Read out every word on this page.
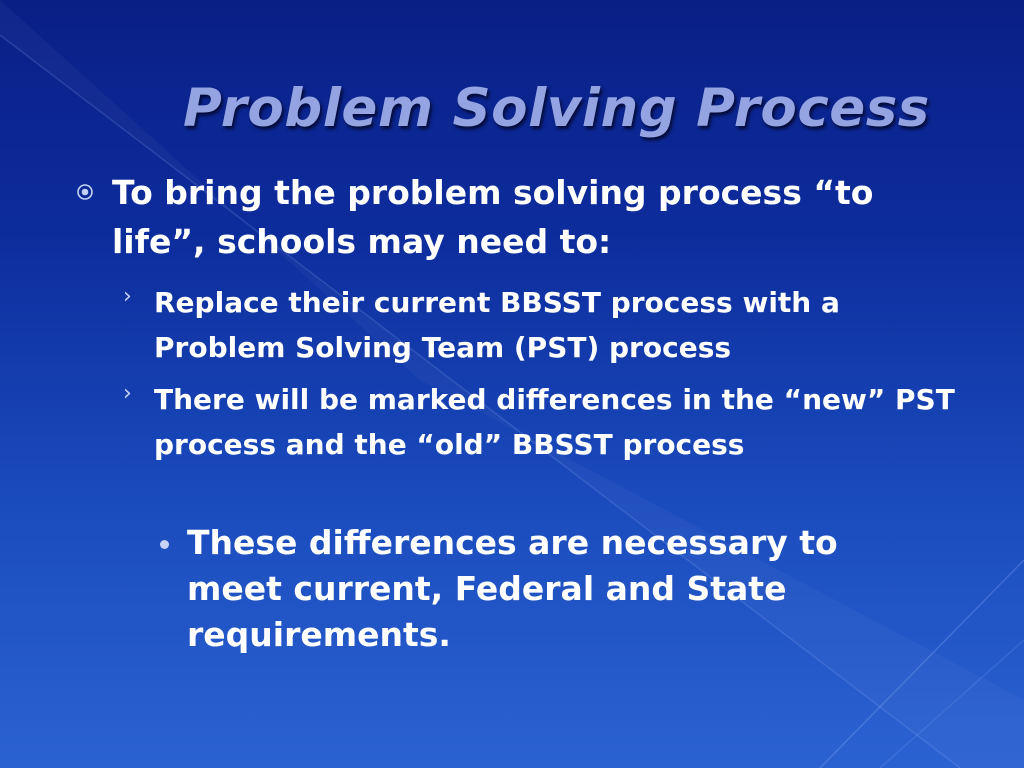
Problem Solving Process
To bring the problem solving process “to life”, schools may need to:
› Replace their current BBSST process with a Problem Solving Team (PST) process
› There will be marked differences in the “new” PST process and the “old” BBSST process
These differences are necessary to meet current, Federal and State requirements.
